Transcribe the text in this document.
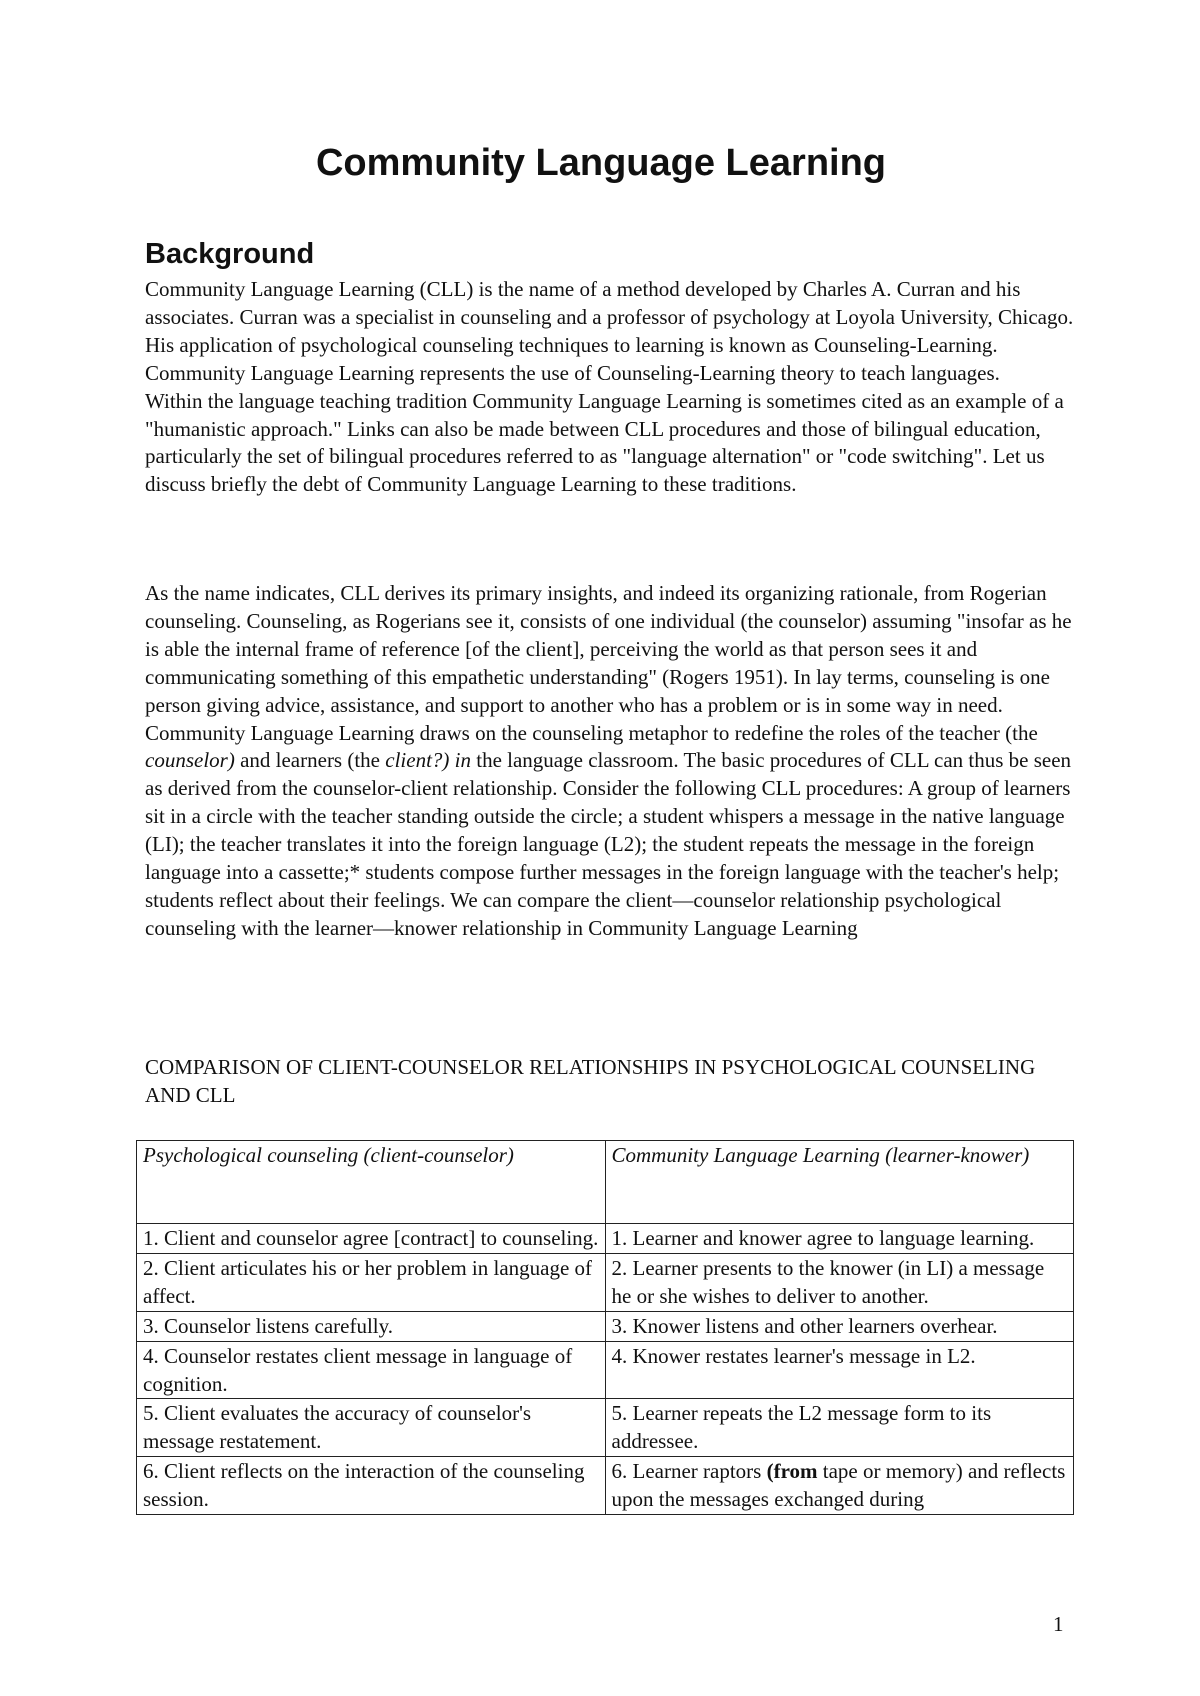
Community Language Learning
Background
Community Language Learning (CLL) is the name of a method developed by Charles A. Curran and his associates. Curran was a specialist in counseling and a professor of psychology at Loyola University, Chicago. His application of psychological counseling techniques to learning is known as Counseling-Learning. Community Language Learning represents the use of Counseling-Learning theory to teach languages.
Within the language teaching tradition Community Language Learning is sometimes cited as an example of a "humanistic approach." Links can also be made between CLL procedures and those of bilingual education, particularly the set of bilingual procedures referred to as "language alternation" or "code switching". Let us discuss briefly the debt of Community Language Learning to these traditions.

As the name indicates, CLL derives its primary insights, and indeed its organizing rationale, from Rogerian counseling. Counseling, as Rogerians see it, consists of one individual (the counselor) assuming "insofar as he is able the internal frame of reference [of the client], perceiving the world as that person sees it and communicating something of this empathetic understanding" (Rogers 1951). In lay terms, counseling is one person giving advice, assistance, and support to another who has a problem or is in some way in need. Community Language Learning draws on the counseling metaphor to redefine the roles of the teacher (the counselor) and learners (the client?) in the language classroom. The basic procedures of CLL can thus be seen as derived from the counselor-client relationship. Consider the following CLL procedures: A group of learners sit in a circle with the teacher standing outside the circle; a student whispers a message in the native language (LI); the teacher translates it into the foreign language (L2); the student repeats the message in the foreign language into a cassette;* students compose further messages in the foreign language with the teacher's help; students reflect about their feelings. We can compare the client—counselor relationship psychological counseling with the learner—knower relationship in Community Language Learning

COMPARISON OF CLIENT-COUNSELOR RELATIONSHIPS IN PSYCHOLOGICAL COUNSELING AND CLL

Psychological counseling (client-counselor)	Community Language Learning (learner-knower)
1. Client and counselor agree [contract] to counseling.	1. Learner and knower agree to language learning.
2. Client articulates his or her problem in language of affect.	2. Learner presents to the knower (in LI) a message he or she wishes to deliver to another.
3. Counselor listens carefully.	3. Knower listens and other learners overhear.
4. Counselor restates client message in language of cognition.	4. Knower restates learner's message in L2.
5. Client evaluates the accuracy of counselor's message restatement.	5. Learner repeats the L2 message form to its addressee.
6. Client reflects on the interaction of the counseling session.	6. Learner raptors (from tape or memory) and reflects upon the messages exchanged during
1
